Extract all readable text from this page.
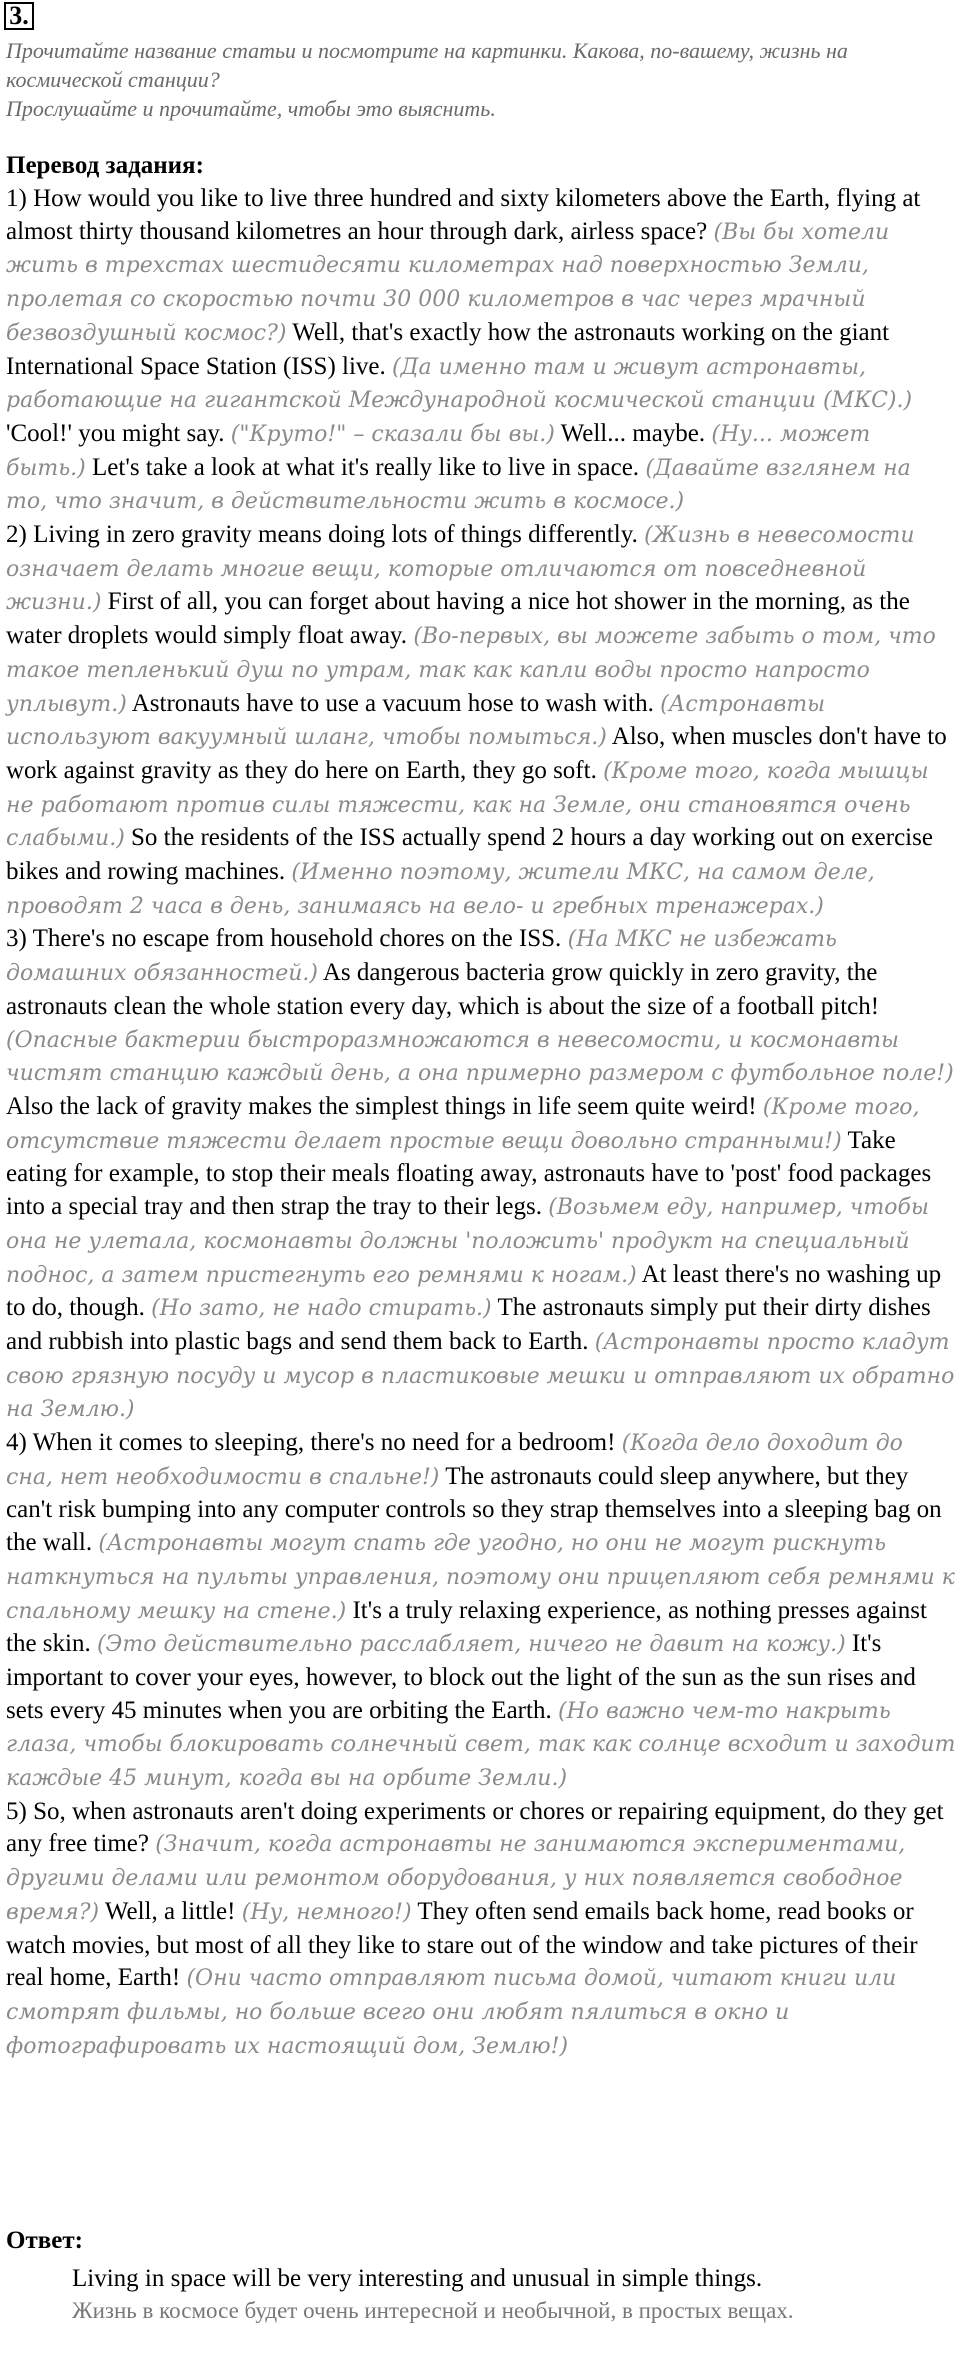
3.

Прочитайте название статьи и посмотрите на картинки. Какова, по-вашему, жизнь на космической станции?

Прослушайте и прочитайте, чтобы это выяснить.

Перевод задания:

1) How would you like to live three hundred and sixty kilometers above the Earth, flying at almost thirty thousand kilometres an hour through dark, airless space? (Вы бы хотели жить в трехстах шестидесяти километрах над поверхностью Земли, пролетая со скоростью почти 30 000 километров в час через мрачный безвоздушный космос?) Well, that's exactly how the astronauts working on the giant International Space Station (ISS) live. (Да именно там и живут астронавты, работающие на гигантской Международной космической станции (МКС).) 'Cool!' you might say. ("Круто!" – сказали бы вы.) Well... maybe. (Ну... может быть.) Let's take a look at what it's really like to live in space. (Давайте взглянем на то, что значит, в действительности жить в космосе.)

2) Living in zero gravity means doing lots of things differently. (Жизнь в невесомости означает делать многие вещи, которые отличаются от повседневной жизни.) First of all, you can forget about having a nice hot shower in the morning, as the water droplets would simply float away. (Во-первых, вы можете забыть о том, что такое тепленький душ по утрам, так как капли воды просто напросто уплывут.) Astronauts have to use a vacuum hose to wash with. (Астронавты используют вакуумный шланг, чтобы помыться.) Also, when muscles don't have to work against gravity as they do here on Earth, they go soft. (Кроме того, когда мышцы не работают против силы тяжести, как на Земле, они становятся очень слабыми.) So the residents of the ISS actually spend 2 hours a day working out on exercise bikes and rowing machines. (Именно поэтому, жители МКС, на самом деле, проводят 2 часа в день, занимаясь на вело- и гребных тренажерах.)

3) There's no escape from household chores on the ISS. (На МКС не избежать домашних обязанностей.) As dangerous bacteria grow quickly in zero gravity, the astronauts clean the whole station every day, which is about the size of a football pitch! (Опасные бактерии быстроразмножаются в невесомости, и космонавты чистят станцию каждый день, а она примерно размером с футбольное поле!) Also the lack of gravity makes the simplest things in life seem quite weird! (Кроме того, отсутствие тяжести делает простые вещи довольно странными!) Take eating for example, to stop their meals floating away, astronauts have to 'post' food packages into a special tray and then strap the tray to their legs. (Возьмем еду, например, чтобы она не улетала, космонавты должны 'положить' продукт на специальный поднос, а затем пристегнуть его ремнями к ногам.) At least there's no washing up to do, though. (Но зато, не надо стирать.) The astronauts simply put their dirty dishes and rubbish into plastic bags and send them back to Earth. (Астронавты просто кладут свою грязную посуду и мусор в пластиковые мешки и отправляют их обратно на Землю.)

4) When it comes to sleeping, there's no need for a bedroom! (Когда дело доходит до сна, нет необходимости в спальне!) The astronauts could sleep anywhere, but they can't risk bumping into any computer controls so they strap themselves into a sleeping bag on the wall. (Астронавты могут спать где угодно, но они не могут рискнуть наткнуться на пульты управления, поэтому они прицепляют себя ремнями к спальному мешку на стене.) It's a truly relaxing experience, as nothing presses against the skin. (Это действительно расслабляет, ничего не давит на кожу.) It's important to cover your eyes, however, to block out the light of the sun as the sun rises and sets every 45 minutes when you are orbiting the Earth. (Но важно чем-то накрыть глаза, чтобы блокировать солнечный свет, так как солнце всходит и заходит каждые 45 минут, когда вы на орбите Земли.)

5) So, when astronauts aren't doing experiments or chores or repairing equipment, do they get any free time? (Значит, когда астронавты не занимаются экспериментами, другими делами или ремонтом оборудования, у них появляется свободное время?) Well, a little! (Ну, немного!) They often send emails back home, read books or watch movies, but most of all they like to stare out of the window and take pictures of their real home, Earth! (Они часто отправляют письма домой, читают книги или смотрят фильмы, но больше всего они любят пялиться в окно и фотографировать их настоящий дом, Землю!)

Ответ:

Living in space will be very interesting and unusual in simple things.

Жизнь в космосе будет очень интересной и необычной, в простых вещах.
